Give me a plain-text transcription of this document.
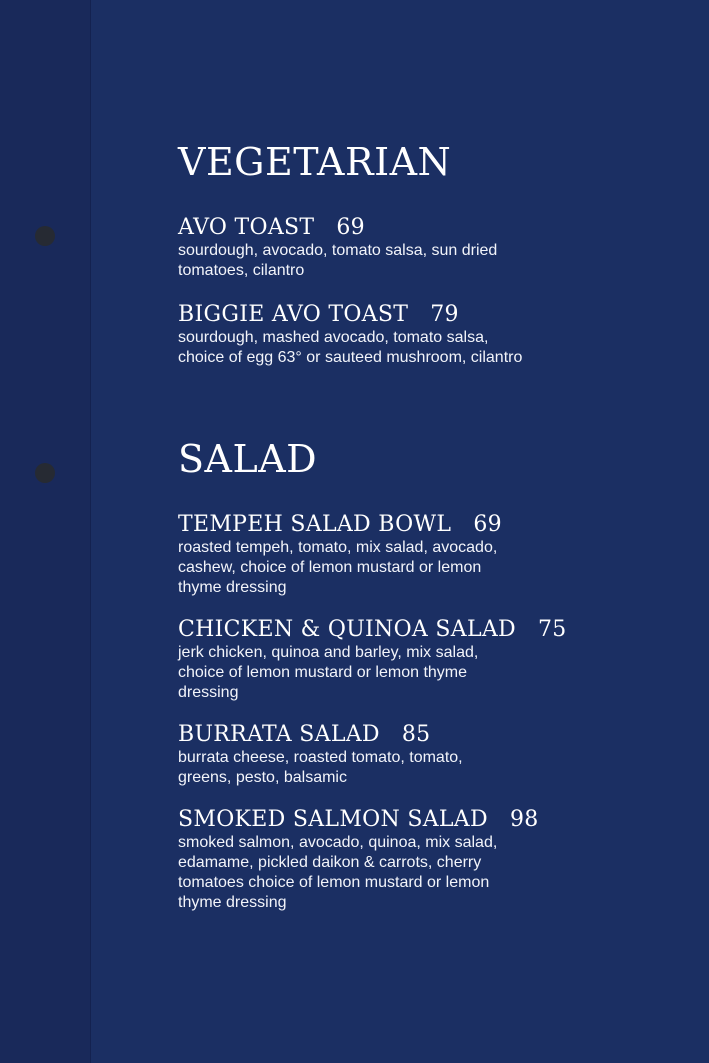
VEGETARIAN
AVO TOAST 69
sourdough, avocado, tomato salsa, sun dried
tomatoes, cilantro
BIGGIE AVO TOAST 79
sourdough, mashed avocado, tomato salsa,
choice of egg 63° or sauteed mushroom, cilantro
SALAD
TEMPEH SALAD BOWL 69
roasted tempeh, tomato, mix salad, avocado,
cashew, choice of lemon mustard or lemon
thyme dressing
CHICKEN & QUINOA SALAD 75
jerk chicken, quinoa and barley, mix salad,
choice of lemon mustard or lemon thyme
dressing
BURRATA SALAD 85
burrata cheese, roasted tomato, tomato,
greens, pesto, balsamic
SMOKED SALMON SALAD 98
smoked salmon, avocado, quinoa, mix salad,
edamame, pickled daikon & carrots, cherry
tomatoes choice of lemon mustard or lemon
thyme dressing
